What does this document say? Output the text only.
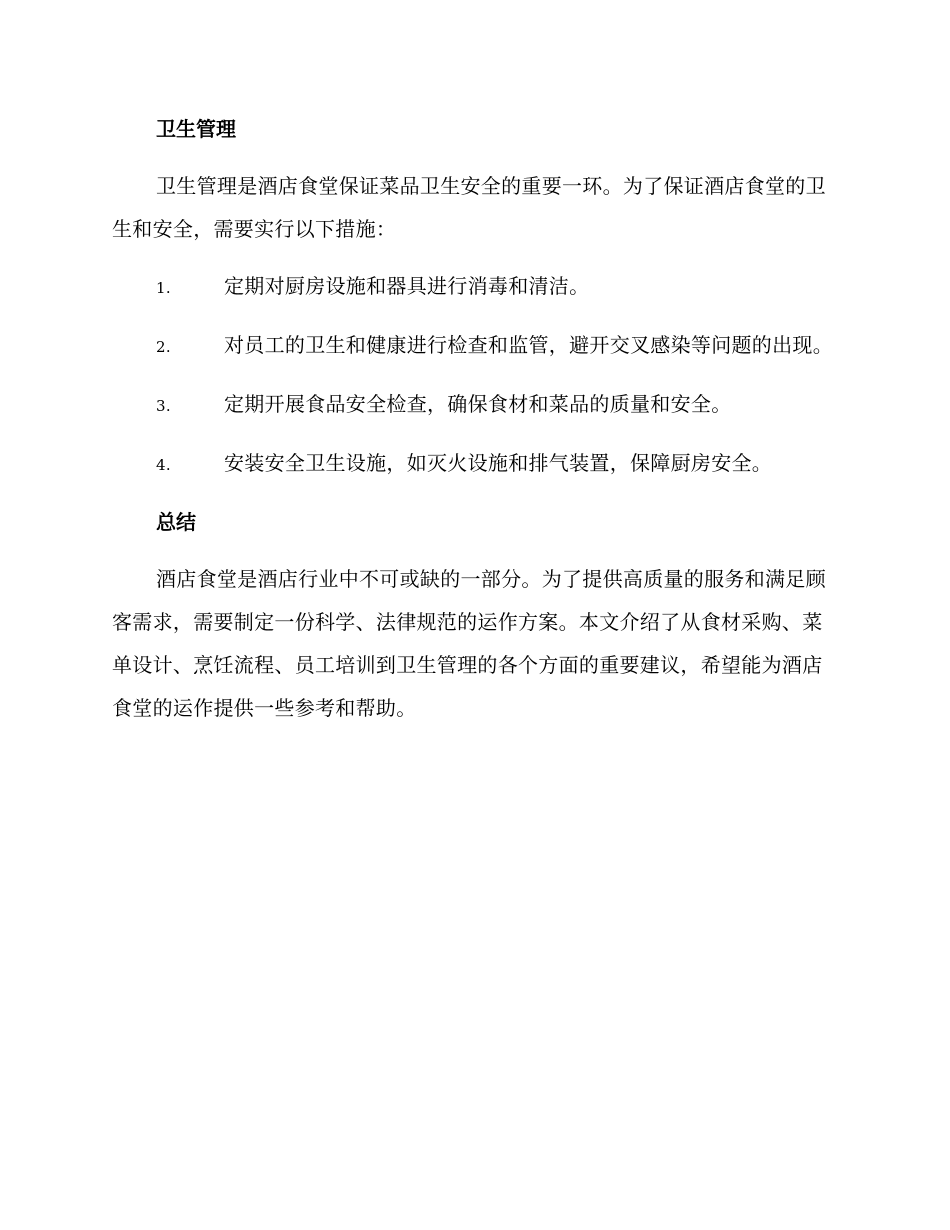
卫生管理

卫生管理是酒店食堂保证菜品卫生安全的重要一环。为了保证酒店食堂的卫生和安全，需要实行以下措施：

1.	定期对厨房设施和器具进行消毒和清洁。
2.	对员工的卫生和健康进行检查和监管，避开交叉感染等问题的出现。
3.	定期开展食品安全检查，确保食材和菜品的质量和安全。
4.	安装安全卫生设施，如灭火设施和排气装置，保障厨房安全。
总结

酒店食堂是酒店行业中不可或缺的一部分。为了提供高质量的服务和满足顾客需求，需要制定一份科学、法律规范的运作方案。本文介绍了从食材采购、菜单设计、烹饪流程、员工培训到卫生管理的各个方面的重要建议，希望能为酒店食堂的运作提供一些参考和帮助。
